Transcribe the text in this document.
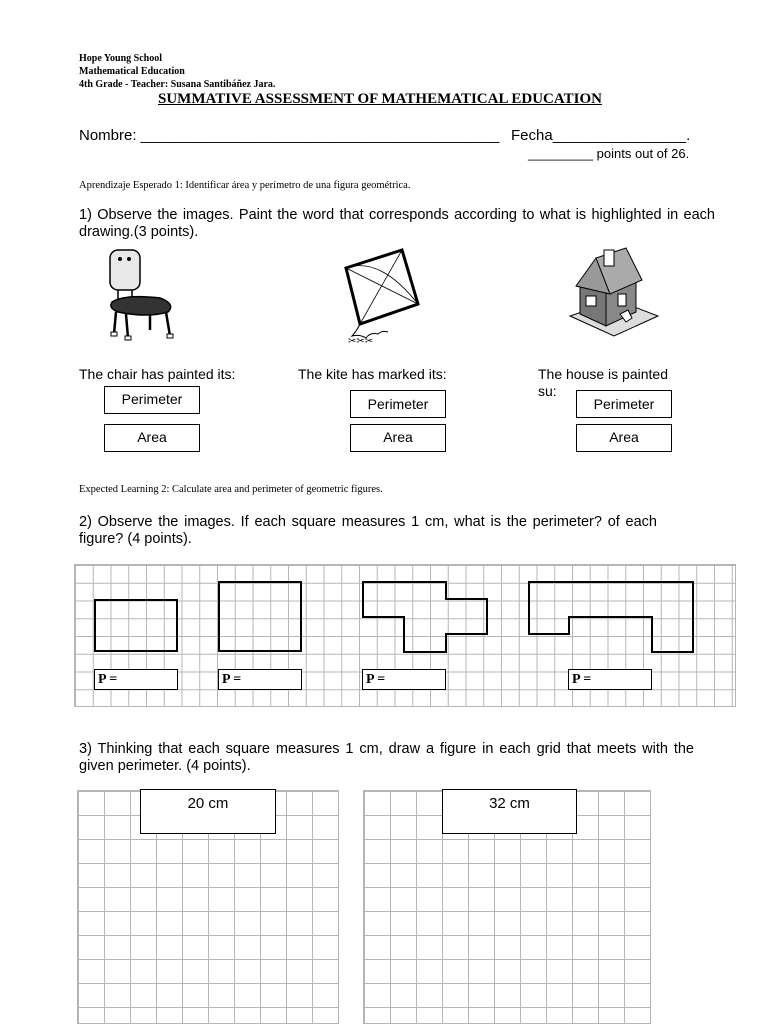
Hope Young School
Mathematical Education
4th Grade - Teacher: Susana Santibáñez Jara.
SUMMATIVE ASSESSMENT OF MATHEMATICAL EDUCATION
Nombre: ___________________________________________ Fecha________________.
_________ points out of 26.
Aprendizaje Esperado 1: Identificar área y perímetro de una figura geométrica.
1) Observe the images. Paint the word that corresponds according to what is highlighted in each drawing.(3 points).
✂✂✂
The chair has painted its:	The kite has marked its:	The house is painted su:
Perimeter
Area
Perimeter
Area
Perimeter
Area
Expected Learning 2: Calculate area and perimeter of geometric figures.
2) Observe the images. If each square measures 1 cm, what is the perimeter? of each figure? (4 points).
P =	P =	P =	P =
3) Thinking that each square measures 1 cm, draw a figure in each grid that meets with the given perimeter. (4 points).
20 cm	32 cm
